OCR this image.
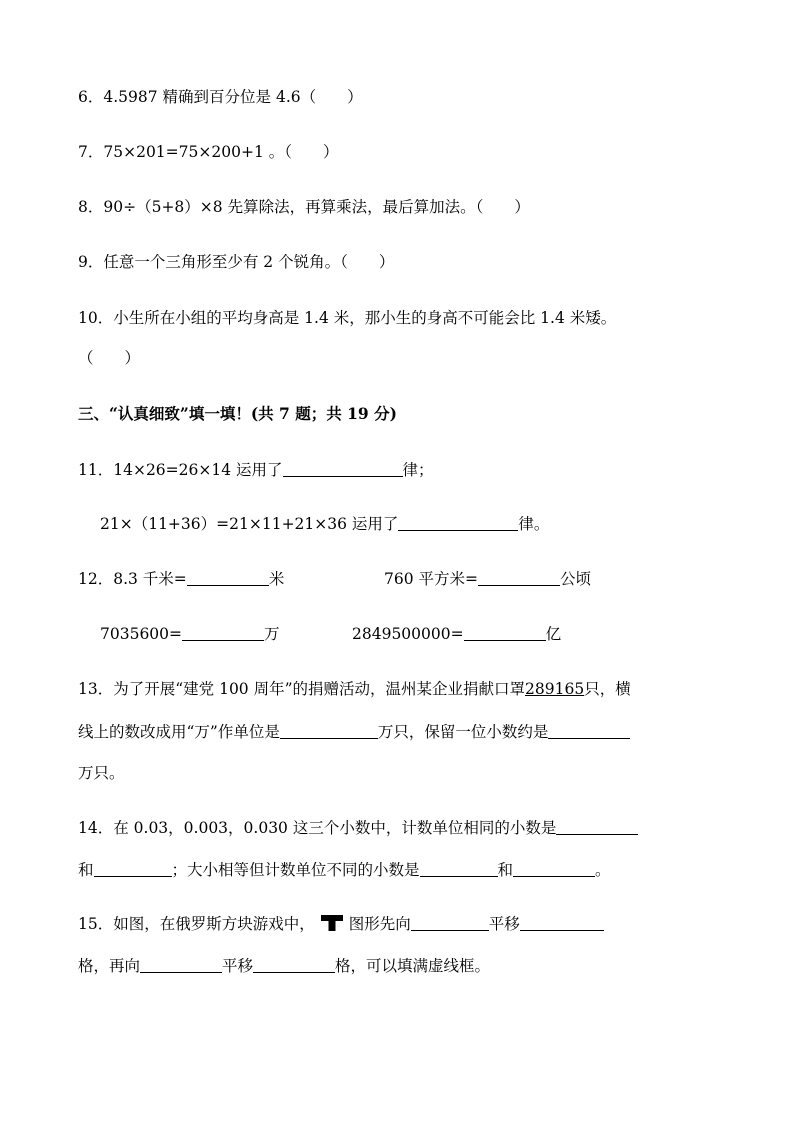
6．4.5987 精确到百分位是 4.6（　　）
7．75×201=75×200+1 。（　　）
8．90÷（5+8）×8 先算除法，再算乘法，最后算加法。（　　）
9．任意一个三角形至少有 2 个锐角。（　　）
10．小生所在小组的平均身高是 1.4 米，那小生的身高不可能会比 1.4 米矮。
（　　）
三、“认真细致”填一填！(共 7 题；共 19 分)
11．14×26=26×14 运用了	律；
21×（11+36）=21×11+21×36 运用了	律。
12．8.3 千米=	米	760 平方米=	公顷
7035600=	万	2849500000=	亿
13．为了开展“建党 100 周年”的捐赠活动，温州某企业捐献口罩289165只，横
线上的数改成用“万”作单位是	万只，保留一位小数约是
万只。
14．在 0.03，0.003，0.030 这三个小数中，计数单位相同的小数是
和	；大小相等但计数单位不同的小数是	和	。
15．如图，在俄罗斯方块游戏中， 图形先向	平移
格，再向	平移	格，可以填满虚线框。
